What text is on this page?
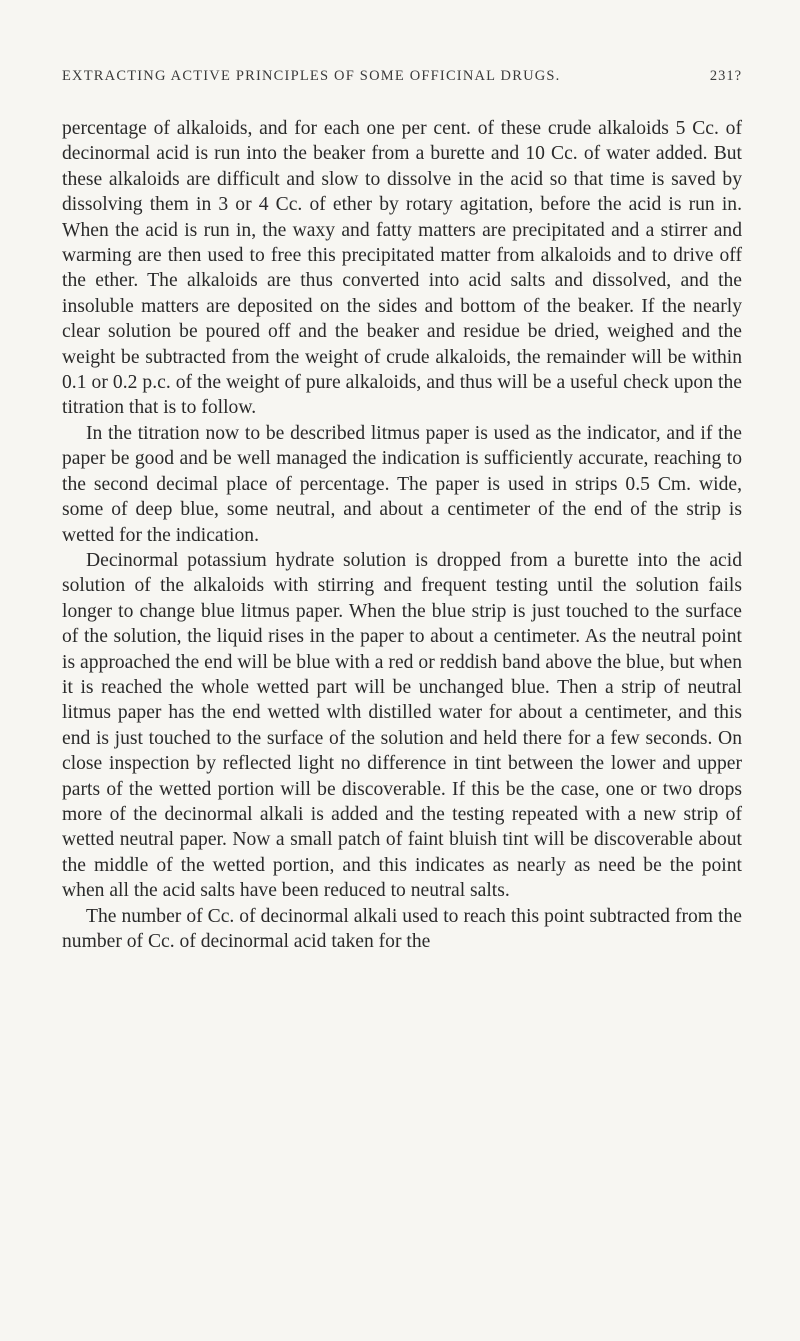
EXTRACTING ACTIVE PRINCIPLES OF SOME OFFICINAL DRUGS.	231?

percentage of alkaloids, and for each one per cent. of these crude alkaloids 5 Cc. of decinormal acid is run into the beaker from a burette and 10 Cc. of water added. But these alkaloids are difficult and slow to dissolve in the acid so that time is saved by dissolving them in 3 or 4 Cc. of ether by rotary agitation, before the acid is run in. When the acid is run in, the waxy and fatty matters are precipitated and a stirrer and warming are then used to free this precipitated matter from alkaloids and to drive off the ether. The alkaloids are thus converted into acid salts and dissolved, and the insoluble matters are deposited on the sides and bottom of the beaker. If the nearly clear solution be poured off and the beaker and residue be dried, weighed and the weight be subtracted from the weight of crude alkaloids, the remainder will be within 0.1 or 0.2 p.c. of the weight of pure alkaloids, and thus will be a useful check upon the titration that is to follow.

In the titration now to be described litmus paper is used as the indicator, and if the paper be good and be well managed the indication is sufficiently accurate, reaching to the second decimal place of percentage. The paper is used in strips 0.5 Cm. wide, some of deep blue, some neutral, and about a centimeter of the end of the strip is wetted for the indication.

Decinormal potassium hydrate solution is dropped from a burette into the acid solution of the alkaloids with stirring and frequent testing until the solution fails longer to change blue litmus paper. When the blue strip is just touched to the surface of the solution, the liquid rises in the paper to about a centimeter. As the neutral point is approached the end will be blue with a red or reddish band above the blue, but when it is reached the whole wetted part will be unchanged blue. Then a strip of neutral litmus paper has the end wetted wlth distilled water for about a centimeter, and this end is just touched to the surface of the solution and held there for a few seconds. On close inspection by reflected light no difference in tint between the lower and upper parts of the wetted portion will be discoverable. If this be the case, one or two drops more of the decinormal alkali is added and the testing repeated with a new strip of wetted neutral paper. Now a small patch of faint bluish tint will be discoverable about the middle of the wetted portion, and this indicates as nearly as need be the point when all the acid salts have been reduced to neutral salts.

The number of Cc. of decinormal alkali used to reach this point subtracted from the number of Cc. of decinormal acid taken for the
